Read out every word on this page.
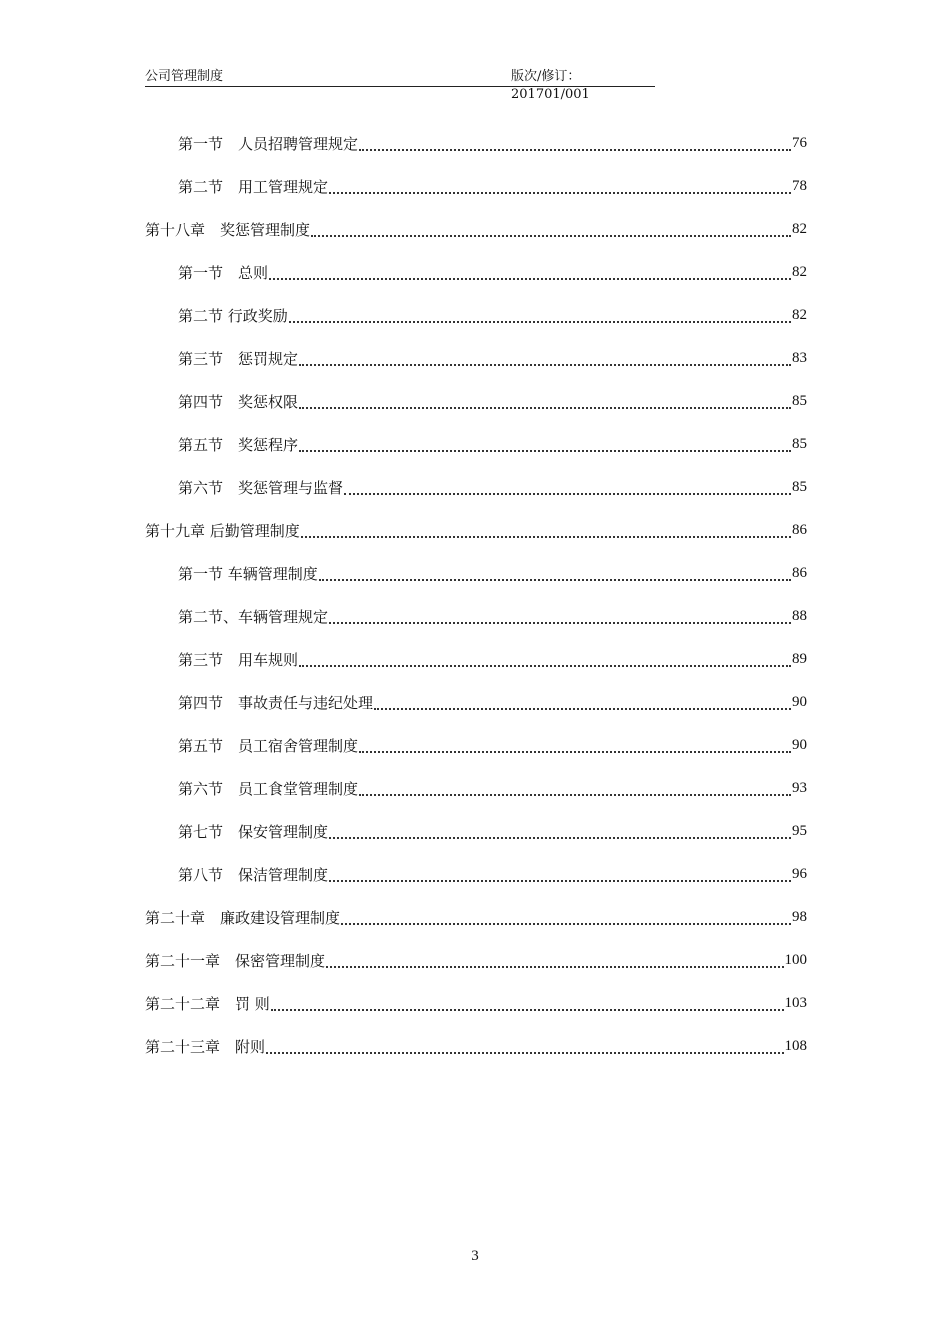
公司管理制度	版次/修订：201701/001
第一节　人员招聘管理规定	76
第二节　用工管理规定	78
第十八章　奖惩管理制度	82
第一节　总则	82
第二节 行政奖励	82
第三节　惩罚规定	83
第四节　奖惩权限	85
第五节　奖惩程序	85
第六节　奖惩管理与监督	85
第十九章 后勤管理制度	86
第一节 车辆管理制度	86
第二节、车辆管理规定	88
第三节　用车规则	89
第四节　事故责任与违纪处理	90
第五节　员工宿舍管理制度	90
第六节　员工食堂管理制度	93
第七节　保安管理制度	95
第八节　保洁管理制度	96
第二十章　廉政建设管理制度	98
第二十一章　保密管理制度	100
第二十二章　罚 则	103
第二十三章　附则	108
3
